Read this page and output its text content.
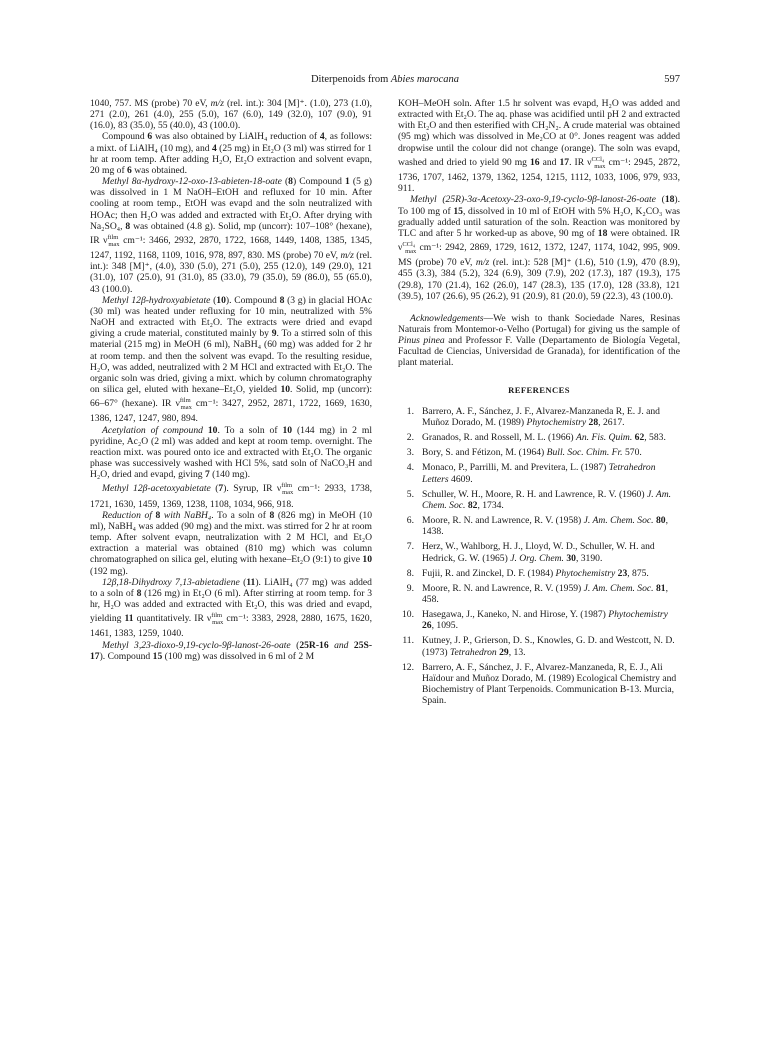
Diterpenoids from Abies marocana	597

1040, 757. MS (probe) 70 eV, m/z (rel. int.): 304 [M]⁺. (1.0), 273 (1.0), 271 (2.0), 261 (4.0), 255 (5.0), 167 (6.0), 149 (32.0), 107 (9.0), 91 (16.0), 83 (35.0), 55 (40.0), 43 (100.0).

Compound 6 was also obtained by LiAlH₄ reduction of 4, as follows: a mixt. of LiAlH₄ (10 mg), and 4 (25 mg) in Et₂O (3 ml) was stirred for 1 hr at room temp. After adding H₂O, Et₂O extraction and solvent evapn, 20 mg of 6 was obtained.

Methyl 8α-hydroxy-12-oxo-13-abieten-18-oate (8) Compound 1 (5 g) was dissolved in 1 M NaOH–EtOH and refluxed for 10 min. After cooling at room temp., EtOH was evapd and the soln neutralized with HOAc; then H₂O was added and extracted with Et₂O. After drying with Na₂SO₄, 8 was obtained (4.8 g). Solid, mp (uncorr): 107–108° (hexane), IR $\nu^{film}_{max}$ cm⁻¹: 3466, 2932, 2870, 1722, 1668, 1449, 1408, 1385, 1345, 1247, 1192, 1168, 1109, 1016, 978, 897, 830. MS (probe) 70 eV, m/z (rel. int.): 348 [M]⁺, (4.0), 330 (5.0), 271 (5.0), 255 (12.0), 149 (29.0), 121 (31.0), 107 (25.0), 91 (31.0), 85 (33.0), 79 (35.0), 59 (86.0), 55 (65.0), 43 (100.0).

Methyl 12β-hydroxyabietate (10). Compound 8 (3 g) in glacial HOAc (30 ml) was heated under refluxing for 10 min, neutralized with 5% NaOH and extracted with Et₂O. The extracts were dried and evapd giving a crude material, constituted mainly by 9. To a stirred soln of this material (215 mg) in MeOH (6 ml), NaBH₄ (60 mg) was added for 2 hr at room temp. and then the solvent was evapd. To the resulting residue, H₂O, was added, neutralized with 2 M HCl and extracted with Et₂O. The organic soln was dried, giving a mixt. which by column chromatography on silica gel, eluted with hexane–Et₂O, yielded 10. Solid, mp (uncorr): 66–67° (hexane). IR $\nu^{film}_{max}$ cm⁻¹: 3427, 2952, 2871, 1722, 1669, 1630, 1386, 1247, 1247, 980, 894.

Acetylation of compound 10. To a soln of 10 (144 mg) in 2 ml pyridine, Ac₂O (2 ml) was added and kept at room temp. overnight. The reaction mixt. was poured onto ice and extracted with Et₂O. The organic phase was successively washed with HCl 5%, satd soln of NaCO₃H and H₂O, dried and evapd, giving 7 (140 mg).

Methyl 12β-acetoxyabietate (7). Syrup, IR $\nu^{film}_{max}$ cm⁻¹: 2933, 1738, 1721, 1630, 1459, 1369, 1238, 1108, 1034, 966, 918.

Reduction of 8 with NaBH₄. To a soln of 8 (826 mg) in MeOH (10 ml), NaBH₄ was added (90 mg) and the mixt. was stirred for 2 hr at room temp. After solvent evapn, neutralization with 2 M HCl, and Et₂O extraction a material was obtained (810 mg) which was column chromatographed on silica gel, eluting with hexane–Et₂O (9:1) to give 10 (192 mg).

12β,18-Dihydroxy 7,13-abietadiene (11). LiAlH₄ (77 mg) was added to a soln of 8 (126 mg) in Et₂O (6 ml). After stirring at room temp. for 3 hr, H₂O was added and extracted with Et₂O, this was dried and evapd, yielding 11 quantitatively. IR $\nu^{film}_{max}$ cm⁻¹: 3383, 2928, 2880, 1675, 1620, 1461, 1383, 1259, 1040.

Methyl 3,23-dioxo-9,19-cyclo-9β-lanost-26-oate (25R-16 and 25S-17). Compound 15 (100 mg) was dissolved in 6 ml of 2 M

KOH–MeOH soln. After 1.5 hr solvent was evapd, H₂O was added and extracted with Et₂O. The aq. phase was acidified until pH 2 and extracted with Et₂O and then esterified with CH₂N₂. A crude material was obtained (95 mg) which was dissolved in Me₂CO at 0°. Jones reagent was added dropwise until the colour did not change (orange). The soln was evapd, washed and dried to yield 90 mg 16 and 17. IR $\nu^{CCl_4}_{max}$ cm⁻¹: 2945, 2872, 1736, 1707, 1462, 1379, 1362, 1254, 1215, 1112, 1033, 1006, 979, 933, 911.

Methyl (25R)-3α-Acetoxy-23-oxo-9,19-cyclo-9β-lanost-26-oate (18). To 100 mg of 15, dissolved in 10 ml of EtOH with 5% H₂O, K₂CO₃ was gradually added until saturation of the soln. Reaction was monitored by TLC and after 5 hr worked-up as above, 90 mg of 18 were obtained. IR $\nu^{CCl_4}_{max}$ cm⁻¹: 2942, 2869, 1729, 1612, 1372, 1247, 1174, 1042, 995, 909. MS (probe) 70 eV, m/z (rel. int.): 528 [M]⁺ (1.6), 510 (1.9), 470 (8.9), 455 (3.3), 384 (5.2), 324 (6.9), 309 (7.9), 202 (17.3), 187 (19.3), 175 (29.8), 170 (21.4), 162 (26.0), 147 (28.3), 135 (17.0), 128 (33.8), 121 (39.5), 107 (26.6), 95 (26.2), 91 (20.9), 81 (20.0), 59 (22.3), 43 (100.0).

Acknowledgements—We wish to thank Sociedade Nares, Resinas Naturais from Montemor-o-Velho (Portugal) for giving us the sample of Pinus pinea and Professor F. Valle (Departamento de Biología Vegetal, Facultad de Ciencias, Universidad de Granada), for identification of the plant material.

REFERENCES
1. Barrero, A. F., Sánchez, J. F., Alvarez-Manzaneda R, E. J. and Muñoz Dorado, M. (1989) Phytochemistry 28, 2617.
2. Granados, R. and Rossell, M. L. (1966) An. Fis. Quim. 62, 583.
3. Bory, S. and Fétizon, M. (1964) Bull. Soc. Chim. Fr. 570.
4. Monaco, P., Parrilli, M. and Previtera, L. (1987) Tetrahedron Letters 4609.
5. Schuller, W. H., Moore, R. H. and Lawrence, R. V. (1960) J. Am. Chem. Soc. 82, 1734.
6. Moore, R. N. and Lawrence, R. V. (1958) J. Am. Chem. Soc. 80, 1438.
7. Herz, W., Wahlborg, H. J., Lloyd, W. D., Schuller, W. H. and Hedrick, G. W. (1965) J. Org. Chem. 30, 3190.
8. Fujii, R. and Zinckel, D. F. (1984) Phytochemistry 23, 875.
9. Moore, R. N. and Lawrence, R. V. (1959) J. Am. Chem. Soc. 81, 458.
10. Hasegawa, J., Kaneko, N. and Hirose, Y. (1987) Phytochemistry 26, 1095.
11. Kutney, J. P., Grierson, D. S., Knowles, G. D. and Westcott, N. D. (1973) Tetrahedron 29, 13.
12. Barrero, A. F., Sánchez, J. F., Alvarez-Manzaneda, R, E. J., Ali Haïdour and Muñoz Dorado, M. (1989) Ecological Chemistry and Biochemistry of Plant Terpenoids. Communication B-13. Murcia, Spain.
